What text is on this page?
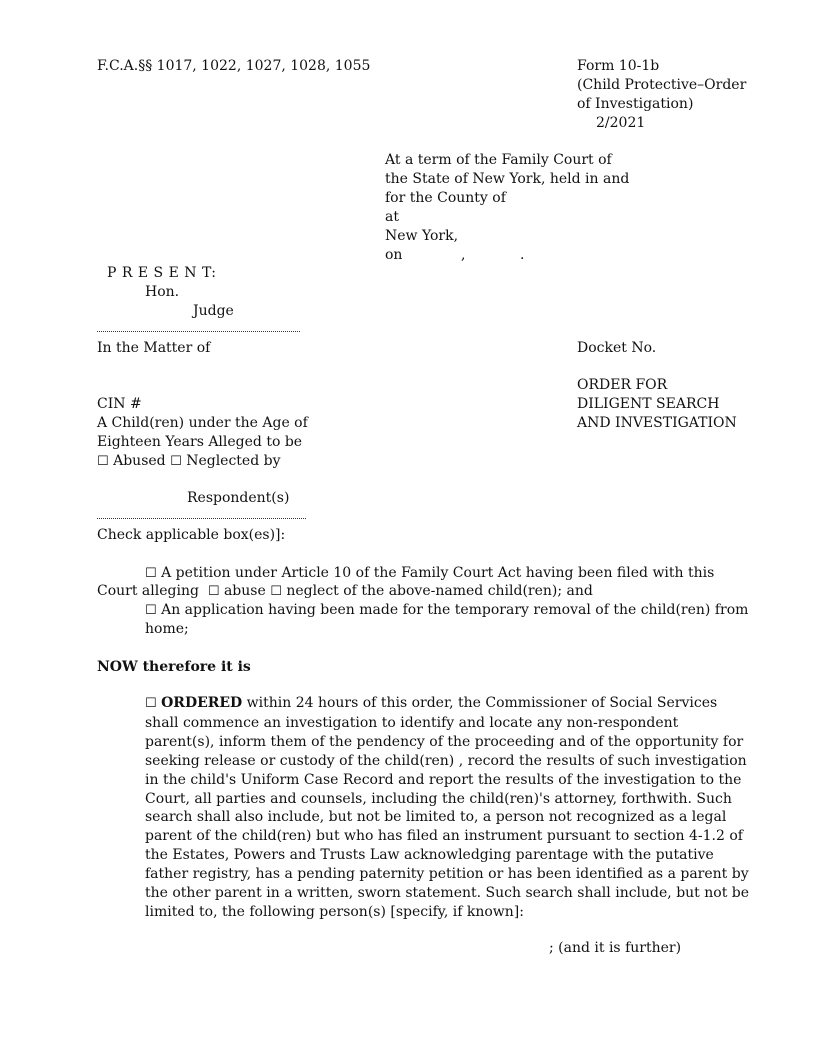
F.C.A.§§ 1017, 1022, 1027, 1028, 1055	Form 10-1b
(Child Protective–Order
of Investigation)
2/2021
At a term of the Family Court of
the State of New York, held in and
for the County of
at
New York,
on	,	.
P R E S E N T:
Hon.
Judge
In the Matter of	Docket No.
ORDER FOR
CIN #	DILIGENT SEARCH
A Child(ren) under the Age of	AND INVESTIGATION
Eighteen Years Alleged to be
☐ Abused ☐ Neglected by
Respondent(s)
Check applicable box(es)]:
☐ A petition under Article 10 of the Family Court Act having been filed with this
Court alleging ☐ abuse ☐ neglect of the above-named child(ren); and
☐ An application having been made for the temporary removal of the child(ren) from
home;
NOW therefore it is
☐ ORDERED within 24 hours of this order, the Commissioner of Social Services shall commence an investigation to identify and locate any non-respondent parent(s), inform them of the pendency of the proceeding and of the opportunity for seeking release or custody of the child(ren) , record the results of such investigation in the child's Uniform Case Record and report the results of the investigation to the Court, all parties and counsels, including the child(ren)'s attorney, forthwith. Such search shall also include, but not be limited to, a person not recognized as a legal parent of the child(ren) but who has filed an instrument pursuant to section 4-1.2 of the Estates, Powers and Trusts Law acknowledging parentage with the putative father registry, has a pending paternity petition or has been identified as a parent by the other parent in a written, sworn statement. Such search shall include, but not be limited to, the following person(s) [specify, if known]:
; (and it is further)
